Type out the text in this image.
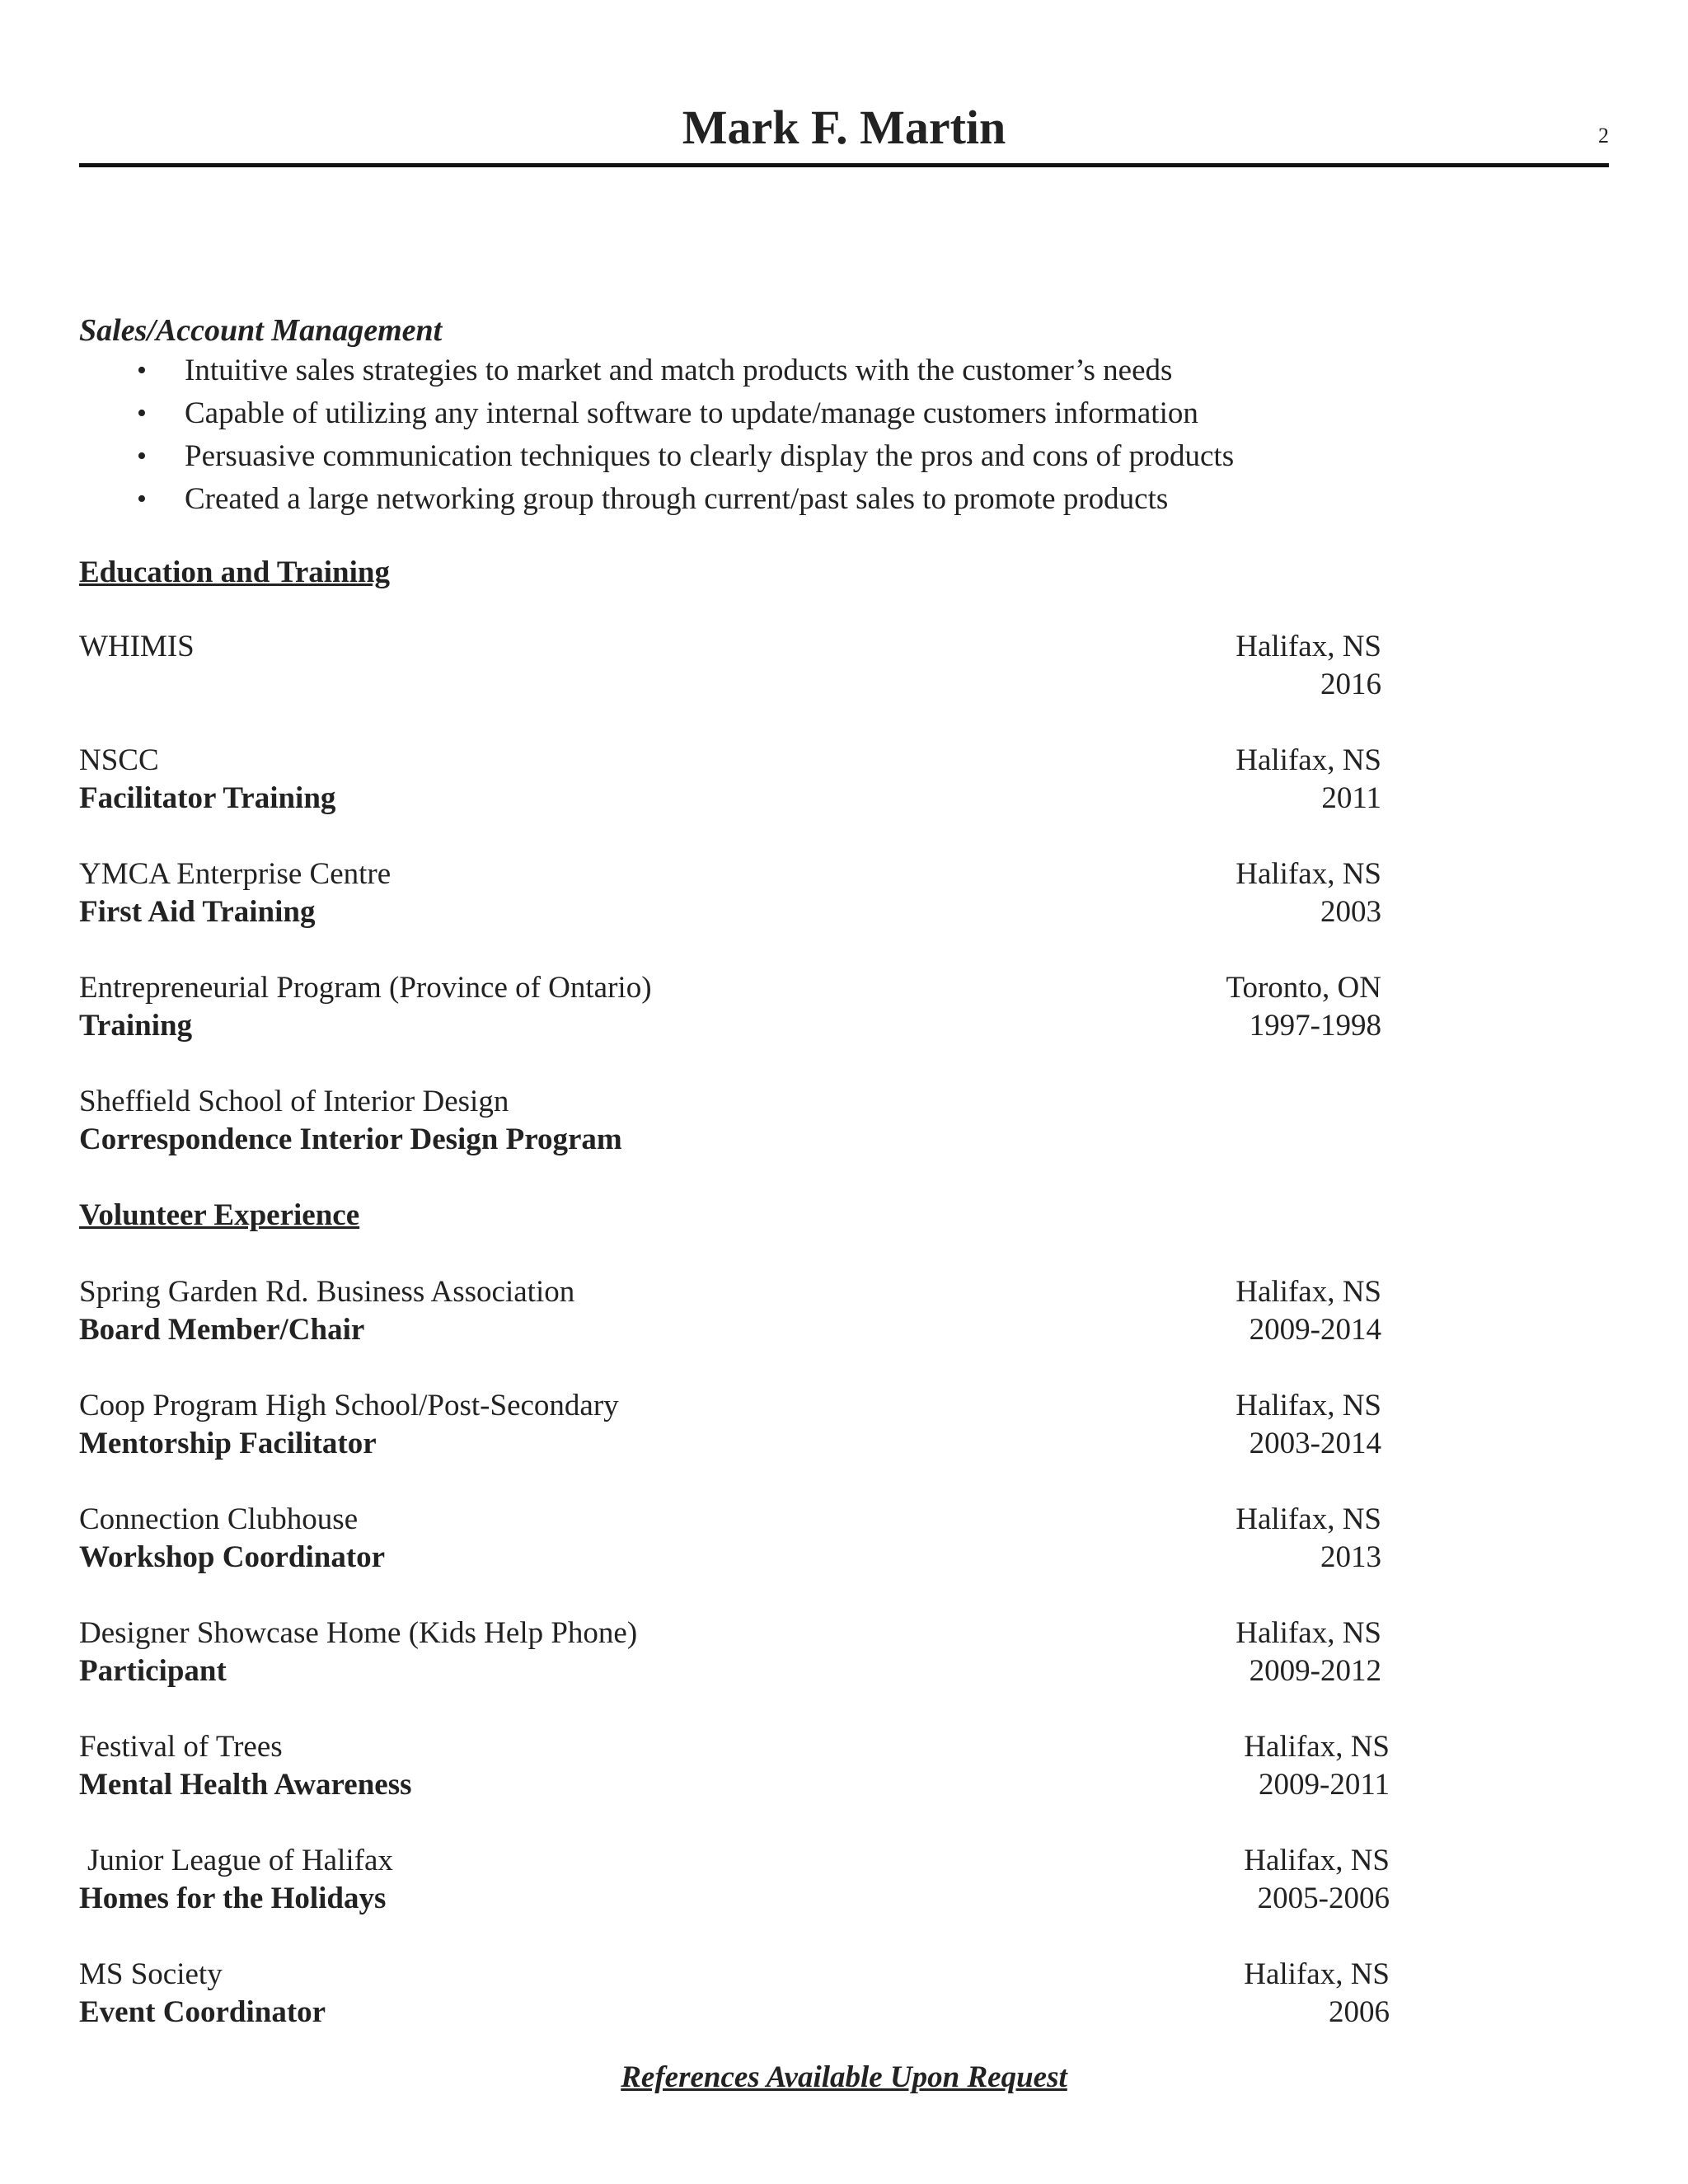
Mark F. Martin	2
Sales/Account Management
• Intuitive sales strategies to market and match products with the customer’s needs
• Capable of utilizing any internal software to update/manage customers information
• Persuasive communication techniques to clearly display the pros and cons of products
• Created a large networking group through current/past sales to promote products
Education and Training
WHIMIS	Halifax, NS
2016
NSCC
Facilitator Training
Halifax, NS
2011
YMCA Enterprise Centre
First Aid Training
Halifax, NS
2003
Entrepreneurial Program (Province of Ontario)
Training
Toronto, ON
1997-1998
Sheffield School of Interior Design
Correspondence Interior Design Program
Volunteer Experience
Spring Garden Rd. Business Association
Board Member/Chair
Halifax, NS
2009-2014
Coop Program High School/Post-Secondary
Mentorship Facilitator
Halifax, NS
2003-2014
Connection Clubhouse
Workshop Coordinator
Halifax, NS
2013
Designer Showcase Home (Kids Help Phone)
Participant
Halifax, NS
2009-2012
Festival of Trees
Mental Health Awareness
Halifax, NS
2009-2011
Junior League of Halifax
Homes for the Holidays
Halifax, NS
2005-2006
MS Society
Event Coordinator
Halifax, NS
2006
References Available Upon Request
